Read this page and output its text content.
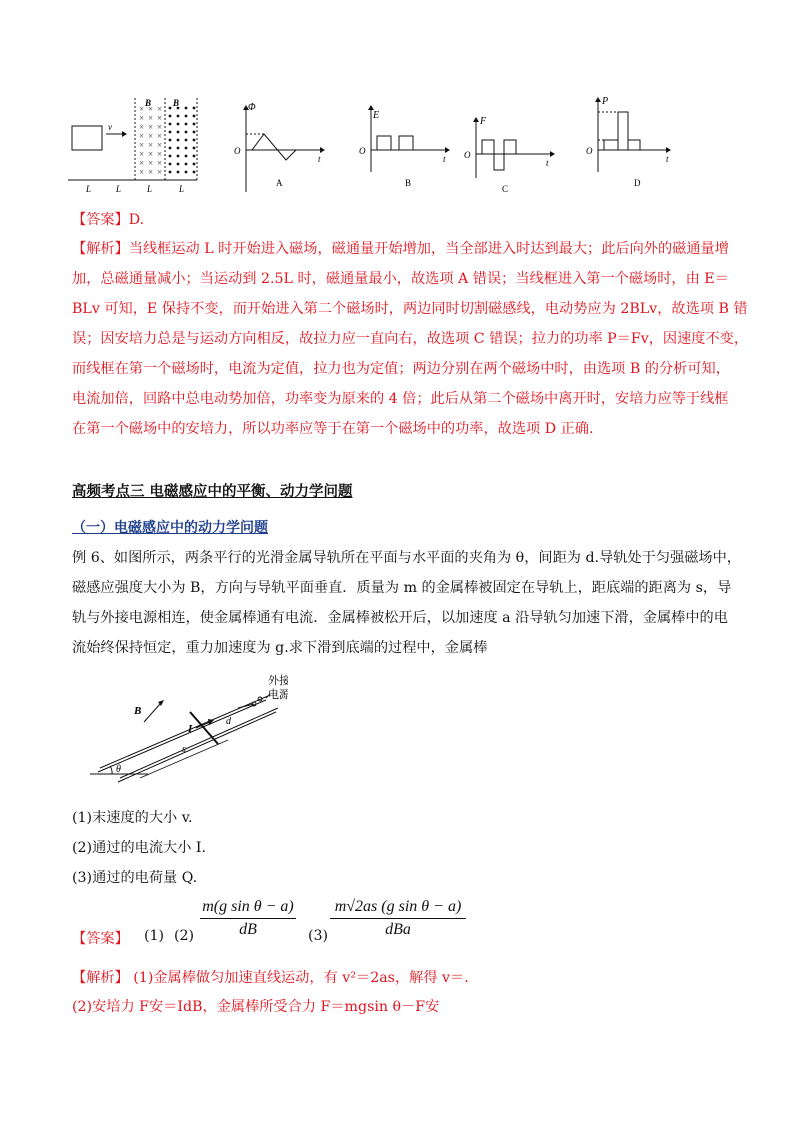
v
× × ×
× × ×
× × ×
× × ×
× × ×
× × ×
× × ×
× × ×
B B
L	L	L	L
Φ
O
t
A
E
O
t
B
F
O
t
C
P
O
t
D
【答案】D.
【解析】当线框运动 L 时开始进入磁场，磁通量开始增加，当全部进入时达到最大；此后向外的磁通量增
加，总磁通量减小；当运动到 2.5L 时，磁通量最小，故选项 A 错误；当线框进入第一个磁场时，由 E＝
BLv 可知，E 保持不变，而开始进入第二个磁场时，两边同时切割磁感线，电动势应为 2BLv，故选项 B 错
误；因安培力总是与运动方向相反，故拉力应一直向右，故选项 C 错误；拉力的功率 P＝Fv，因速度不变，
而线框在第一个磁场时，电流为定值，拉力也为定值；两边分别在两个磁场中时，由选项 B 的分析可知，
电流加倍，回路中总电动势加倍，功率变为原来的 4 倍；此后从第二个磁场中离开时，安培力应等于线框
在第一个磁场中的安培力，所以功率应等于在第一个磁场中的功率，故选项 D 正确.
高频考点三 电磁感应中的平衡、动力学问题
（一）电磁感应中的动力学问题
例 6、如图所示，两条平行的光滑金属导轨所在平面与水平面的夹角为 θ，间距为 d.导轨处于匀强磁场中，
磁感应强度大小为 B，方向与导轨平面垂直．质量为 m 的金属棒被固定在导轨上，距底端的距离为 s，导
轨与外接电源相连，使金属棒通有电流．金属棒被松开后，以加速度 a 沿导轨匀加速下滑，金属棒中的电
流始终保持恒定，重力加速度为 g.求下滑到底端的过程中，金属棒
B
I
d
s
θ
外接
电源
(1)末速度的大小 v.
(2)通过的电流大小 I.
(3)通过的电荷量 Q.
【答案】 (1) (2)
m(g sin θ − a)
dB	(3)
m√2as (g sin θ − a)
dBa
【解析】 (1)金属棒做匀加速直线运动，有 v²＝2as，解得 v＝.
(2)安培力 F安＝IdB，金属棒所受合力 F＝mgsin θ－F安
